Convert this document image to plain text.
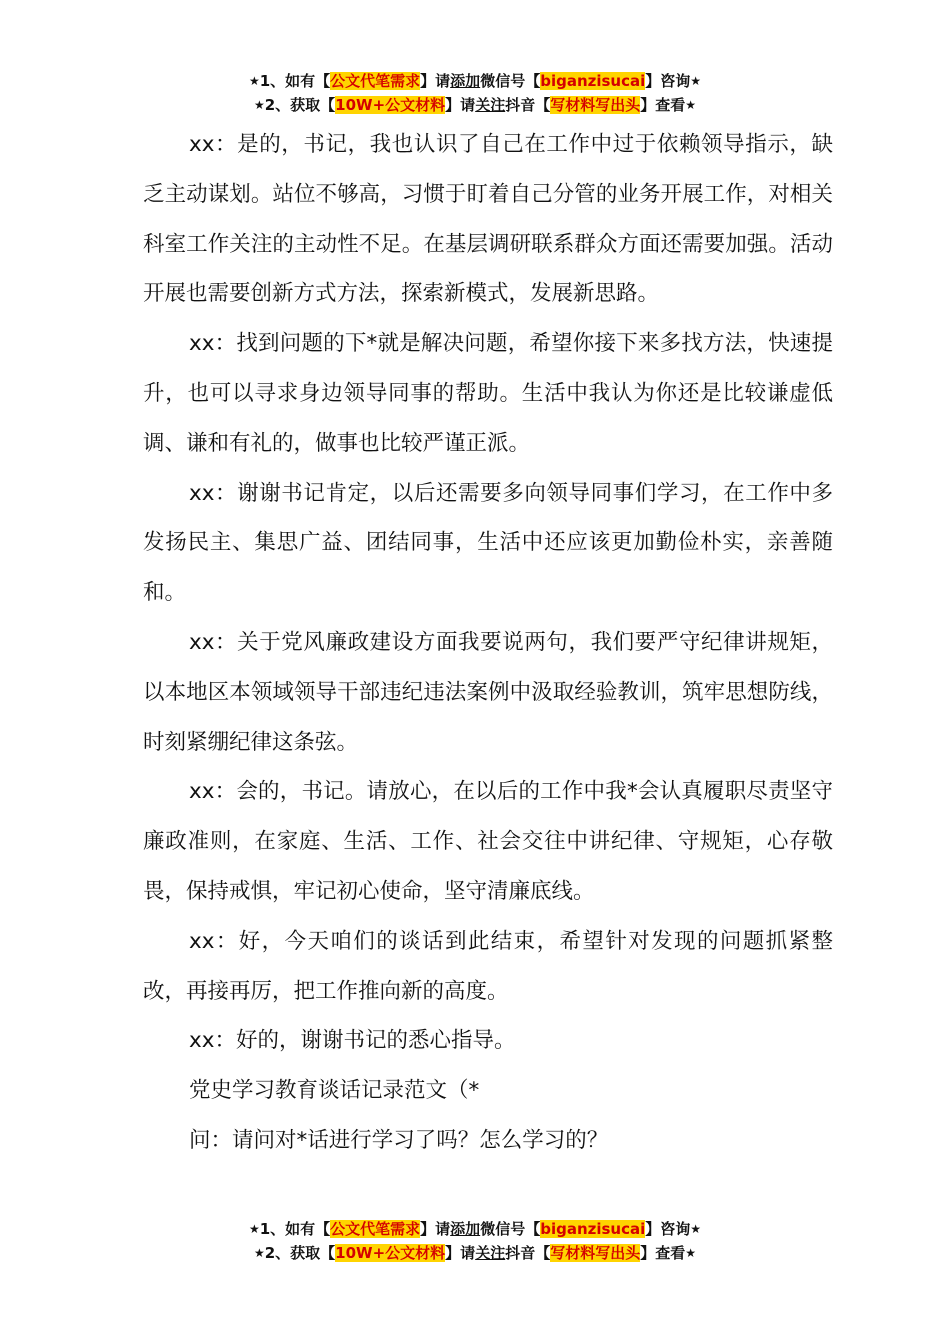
★1、如有【公文代笔需求】请添加微信号【biganzisucai】咨询★
★2、获取【10W+公文材料】请关注抖音【写材料写出头】查看★

xx：是的，书记，我也认识了自己在工作中过于依赖领导指示，缺乏主动谋划。站位不够高，习惯于盯着自己分管的业务开展工作，对相关科室工作关注的主动性不足。在基层调研联系群众方面还需要加强。活动开展也需要创新方式方法，探索新模式，发展新思路。

xx：找到问题的下*就是解决问题，希望你接下来多找方法，快速提升，也可以寻求身边领导同事的帮助。生活中我认为你还是比较谦虚低调、谦和有礼的，做事也比较严谨正派。

xx：谢谢书记肯定，以后还需要多向领导同事们学习，在工作中多发扬民主、集思广益、团结同事，生活中还应该更加勤俭朴实，亲善随和。

xx：关于党风廉政建设方面我要说两句，我们要严守纪律讲规矩，以本地区本领域领导干部违纪违法案例中汲取经验教训，筑牢思想防线，时刻紧绷纪律这条弦。

xx：会的，书记。请放心，在以后的工作中我*会认真履职尽责坚守廉政准则，在家庭、生活、工作、社会交往中讲纪律、守规矩，心存敬畏，保持戒惧，牢记初心使命，坚守清廉底线。

xx：好，今天咱们的谈话到此结束，希望针对发现的问题抓紧整改，再接再厉，把工作推向新的高度。

xx：好的，谢谢书记的悉心指导。

党史学习教育谈话记录范文（*

问：请问对*话进行学习了吗？怎么学习的？

★1、如有【公文代笔需求】请添加微信号【biganzisucai】咨询★
★2、获取【10W+公文材料】请关注抖音【写材料写出头】查看★
